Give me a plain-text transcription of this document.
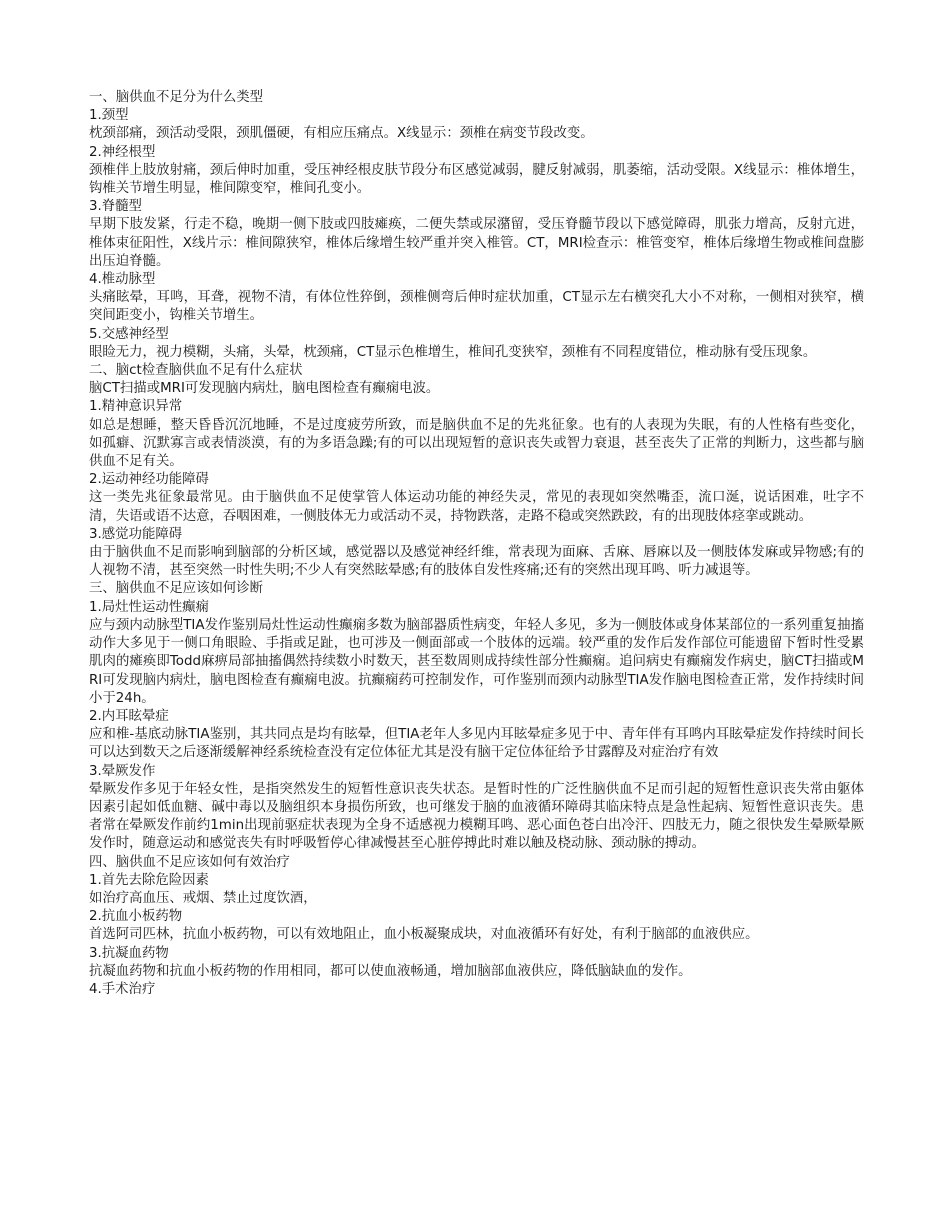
一、脑供血不足分为什么类型

1.颈型

枕颈部痛，颈活动受限，颈肌僵硬，有相应压痛点。X线显示：颈椎在病变节段改变。

2.神经根型

颈椎伴上肢放射痛，颈后伸时加重，受压神经根皮肤节段分布区感觉减弱，腱反射减弱，肌萎缩，活动受限。X线显示：椎体增生，钩椎关节增生明显，椎间隙变窄，椎间孔变小。

3.脊髓型

早期下肢发紧，行走不稳，晚期一侧下肢或四肢瘫痪，二便失禁或尿潴留，受压脊髓节段以下感觉障碍，肌张力增高，反射亢进，椎体束征阳性，X线片示：椎间隙狭窄，椎体后缘增生较严重并突入椎管。CT，MRI检查示：椎管变窄，椎体后缘增生物或椎间盘膨出压迫脊髓。

4.椎动脉型

头痛眩晕，耳鸣，耳聋，视物不清，有体位性猝倒，颈椎侧弯后伸时症状加重，CT显示左右横突孔大小不对称，一侧相对狭窄，横突间距变小，钩椎关节增生。

5.交感神经型

眼睑无力，视力模糊，头痛，头晕，枕颈痛，CT显示色椎增生，椎间孔变狭窄，颈椎有不同程度错位，椎动脉有受压现象。

二、脑ct检查脑供血不足有什么症状

脑CT扫描或MRI可发现脑内病灶，脑电图检查有癫痫电波。

1.精神意识异常

如总是想睡，整天昏昏沉沉地睡，不是过度疲劳所致，而是脑供血不足的先兆征象。也有的人表现为失眠，有的人性格有些变化，如孤癖、沉默寡言或表情淡漠，有的为多语急躁;有的可以出现短暂的意识丧失或智力衰退，甚至丧失了正常的判断力，这些都与脑供血不足有关。

2.运动神经功能障碍

这一类先兆征象最常见。由于脑供血不足使掌管人体运动功能的神经失灵，常见的表现如突然嘴歪，流口涎，说话困难，吐字不清，失语或语不达意，吞咽困难，一侧肢体无力或活动不灵，持物跌落，走路不稳或突然跌跤，有的出现肢体痉挛或跳动。

3.感觉功能障碍

由于脑供血不足而影响到脑部的分析区域，感觉器以及感觉神经纤维，常表现为面麻、舌麻、唇麻以及一侧肢体发麻或异物感;有的人视物不清，甚至突然一时性失明;不少人有突然眩晕感;有的肢体自发性疼痛;还有的突然出现耳鸣、听力减退等。

三、脑供血不足应该如何诊断

1.局灶性运动性癫痫

应与颈内动脉型TIA发作鉴别局灶性运动性癫痫多数为脑部器质性病变，年轻人多见，多为一侧肢体或身体某部位的一系列重复抽搐动作大多见于一侧口角眼睑、手指或足趾，也可涉及一侧面部或一个肢体的远端。较严重的发作后发作部位可能遗留下暂时性受累肌肉的瘫痪即Todd麻痹局部抽搐偶然持续数小时数天，甚至数周则成持续性部分性癫痫。追问病史有癫痫发作病史，脑CT扫描或MRI可发现脑内病灶，脑电图检查有癫痫电波。抗癫痫药可控制发作，可作鉴别而颈内动脉型TIA发作脑电图检查正常，发作持续时间小于24h。

2.内耳眩晕症

应和椎-基底动脉TIA鉴别，其共同点是均有眩晕，但TIA老年人多见内耳眩晕症多见于中、青年伴有耳鸣内耳眩晕症发作持续时间长可以达到数天之后逐渐缓解神经系统检查没有定位体征尤其是没有脑干定位体征给予甘露醇及对症治疗有效

3.晕厥发作

晕厥发作多见于年轻女性，是指突然发生的短暂性意识丧失状态。是暂时性的广泛性脑供血不足而引起的短暂性意识丧失常由躯体因素引起如低血糖、碱中毒以及脑组织本身损伤所致，也可继发于脑的血液循环障碍其临床特点是急性起病、短暂性意识丧失。患者常在晕厥发作前约1min出现前驱症状表现为全身不适感视力模糊耳鸣、恶心面色苍白出冷汗、四肢无力，随之很快发生晕厥晕厥发作时，随意运动和感觉丧失有时呼吸暂停心律减慢甚至心脏停搏此时难以触及桡动脉、颈动脉的搏动。

四、脑供血不足应该如何有效治疗

1.首先去除危险因素

如治疗高血压、戒烟、禁止过度饮酒，

2.抗血小板药物

首选阿司匹林，抗血小板药物，可以有效地阻止，血小板凝聚成块，对血液循环有好处，有利于脑部的血液供应。

3.抗凝血药物

抗凝血药物和抗血小板药物的作用相同，都可以使血液畅通，增加脑部血液供应，降低脑缺血的发作。

4.手术治疗
